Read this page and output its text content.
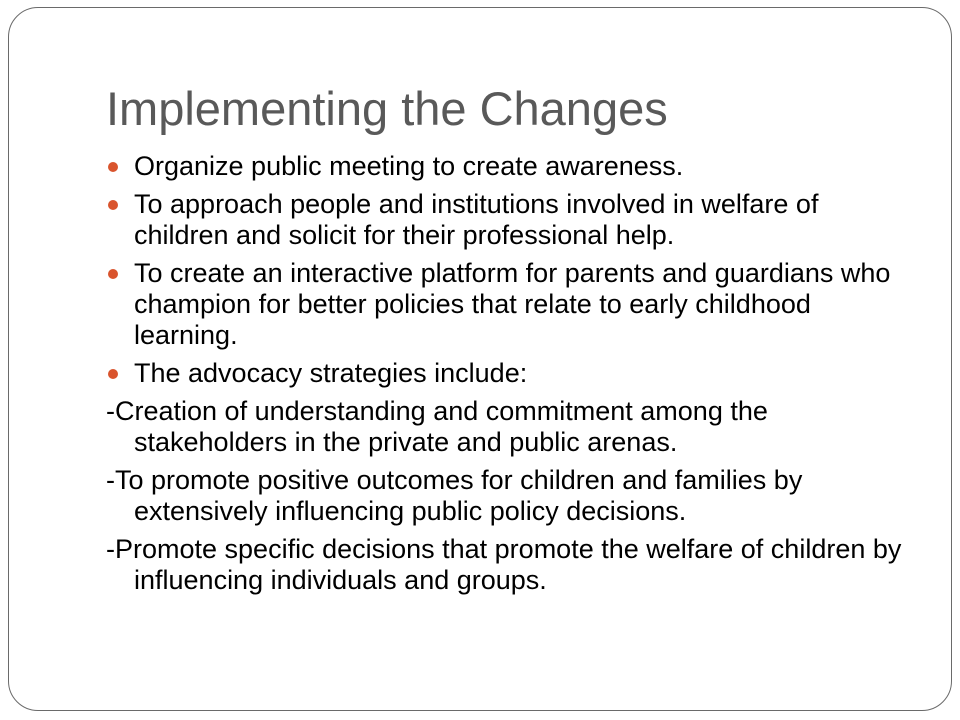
Implementing the Changes
Organize public meeting to create awareness.
To approach people and institutions involved in welfare of children and solicit for their professional help.
To create an interactive platform for parents and guardians who champion for better policies that relate to early childhood learning.
The advocacy strategies include:
-Creation of understanding and commitment among the stakeholders in the private and public arenas.
-To promote positive outcomes for children and families by extensively influencing public policy decisions.
-Promote specific decisions that promote the welfare of children by influencing individuals and groups.
